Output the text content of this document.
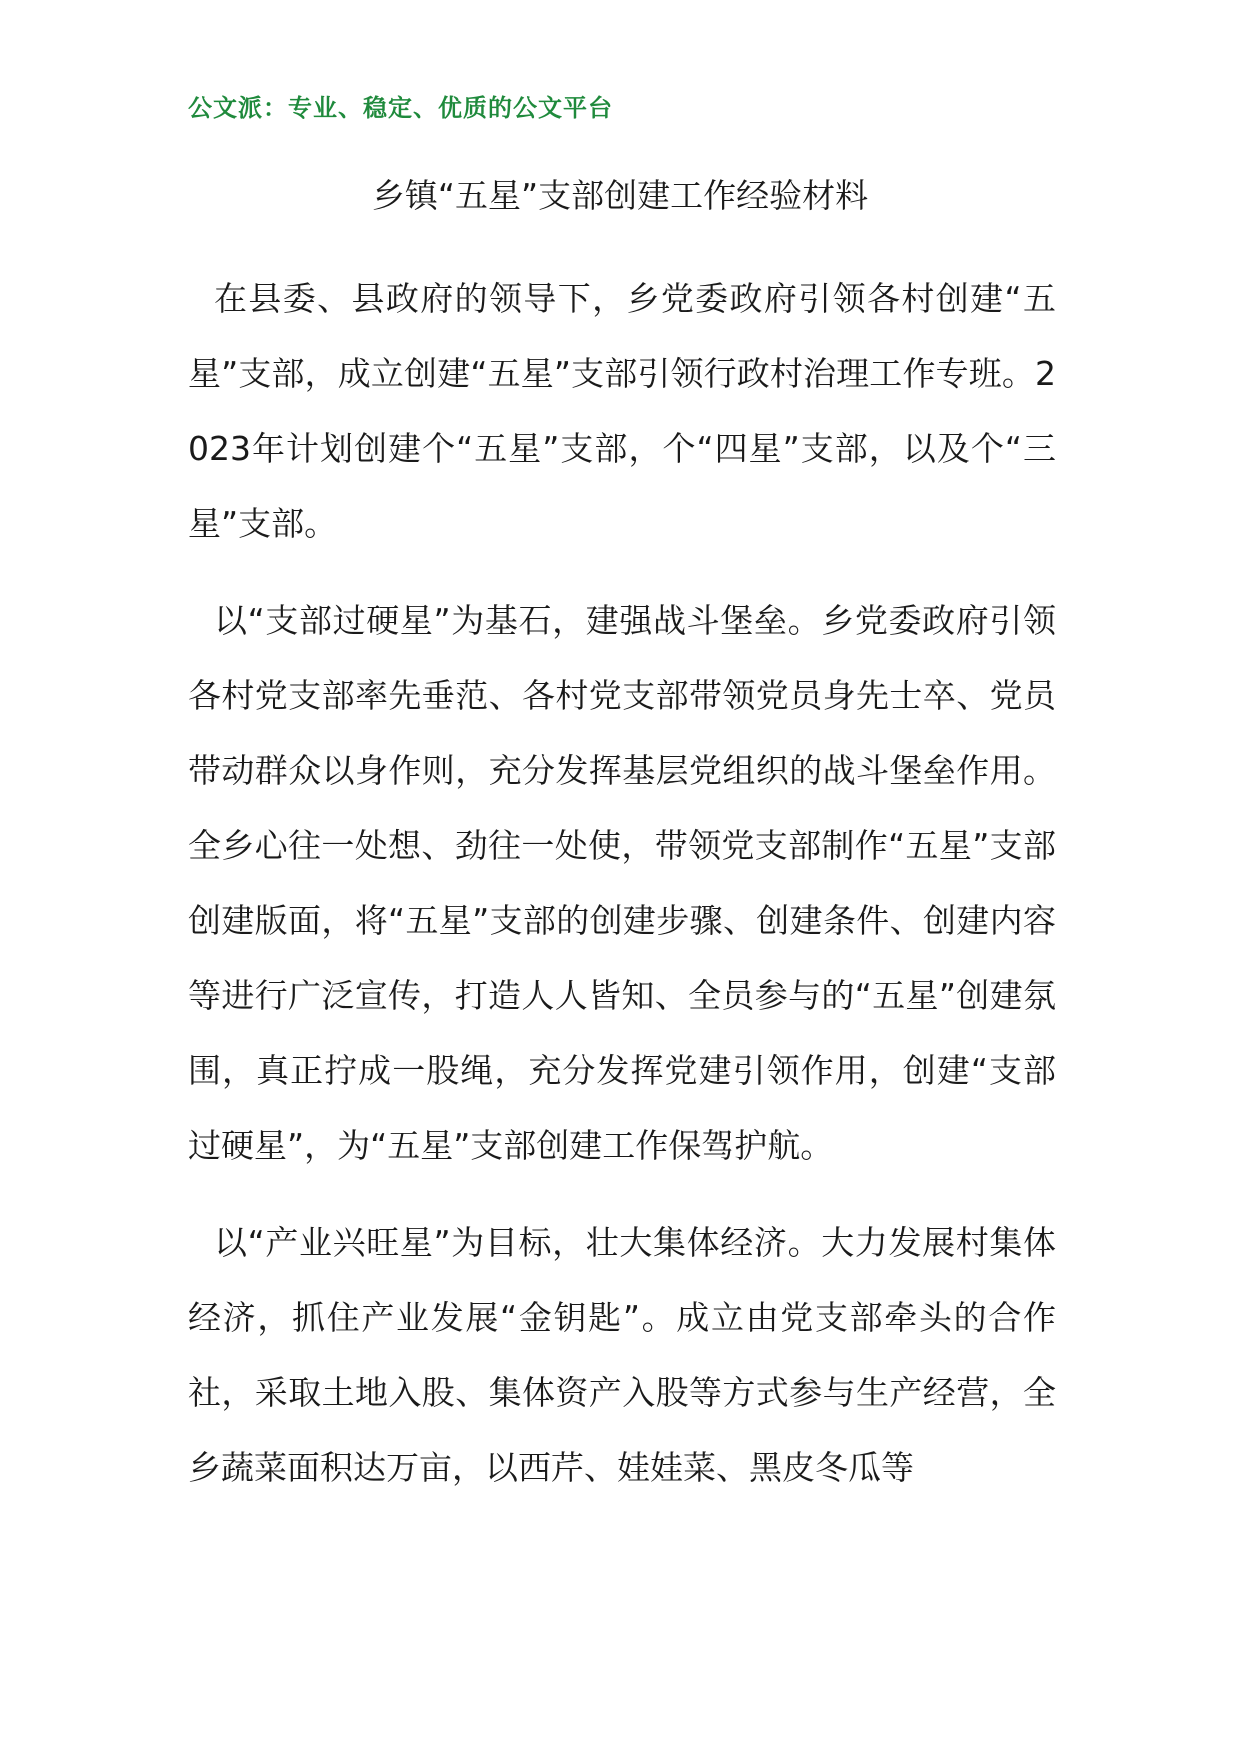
公文派：专业、稳定、优质的公文平台
乡镇“五星”支部创建工作经验材料

在县委、县政府的领导下，乡党委政府引领各村创建“五星”支部，成立创建“五星”支部引领行政村治理工作专班。2023年计划创建个“五星”支部，个“四星”支部，以及个“三星”支部。

以“支部过硬星”为基石，建强战斗堡垒。乡党委政府引领各村党支部率先垂范、各村党支部带领党员身先士卒、党员带动群众以身作则，充分发挥基层党组织的战斗堡垒作用。全乡心往一处想、劲往一处使，带领党支部制作“五星”支部创建版面，将“五星”支部的创建步骤、创建条件、创建内容等进行广泛宣传，打造人人皆知、全员参与的“五星”创建氛围，真正拧成一股绳，充分发挥党建引领作用，创建“支部过硬星”，为“五星”支部创建工作保驾护航。

以“产业兴旺星”为目标，壮大集体经济。大力发展村集体经济，抓住产业发展“金钥匙”。成立由党支部牵头的合作社，采取土地入股、集体资产入股等方式参与生产经营，全乡蔬菜面积达万亩，以西芹、娃娃菜、黑皮冬瓜等
